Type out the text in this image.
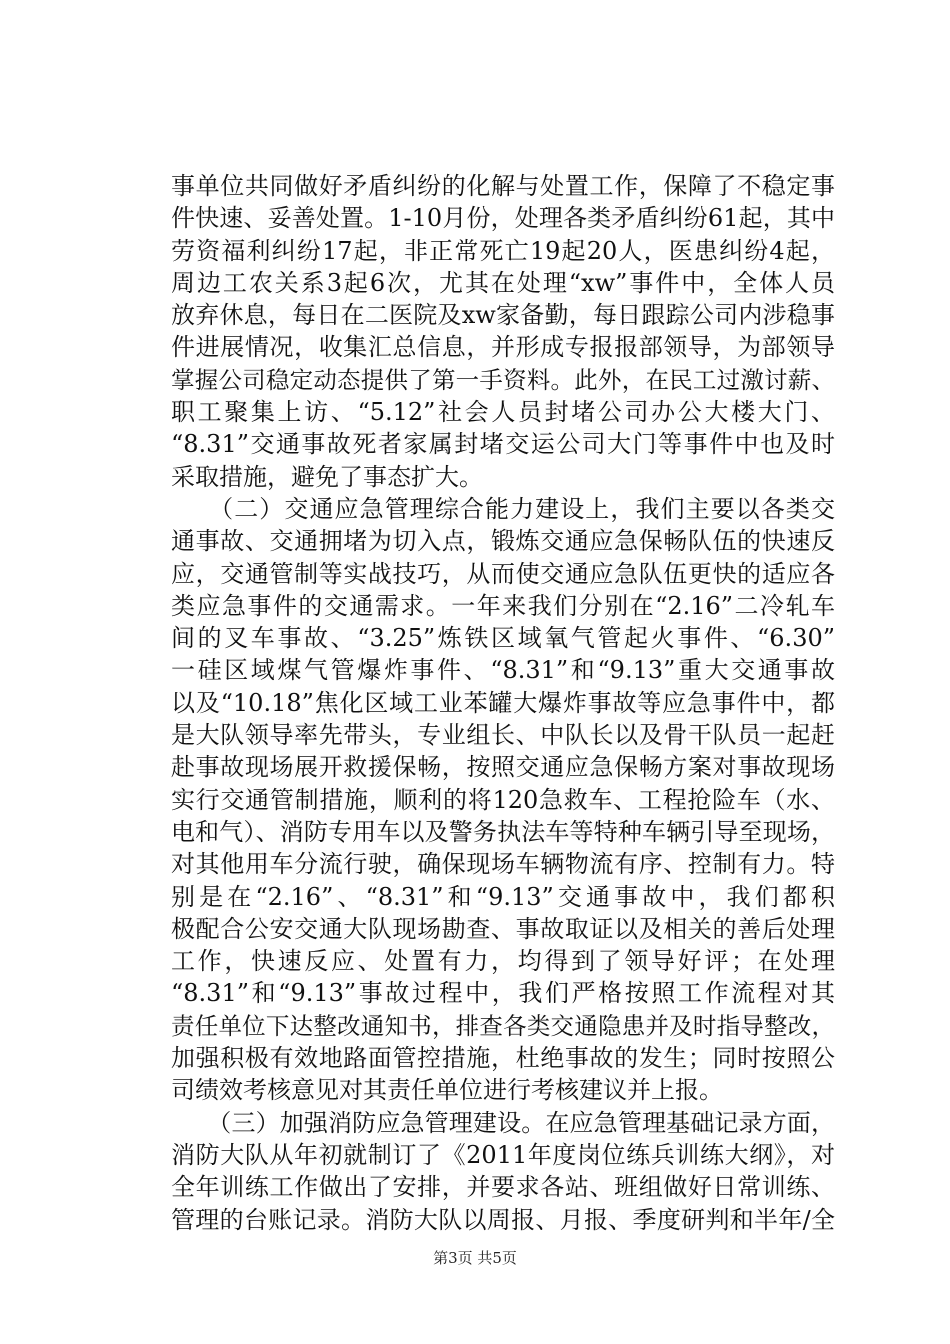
事单位共同做好矛盾纠纷的化解与处置工作，保障了不稳定事
件快速、妥善处置。1-10月份，处理各类矛盾纠纷61起，其中
劳资福利纠纷17起，非正常死亡19起20人，医患纠纷4起，
周边工农关系3起6次，尤其在处理“xw”事件中，全体人员
放弃休息，每日在二医院及xw家备勤，每日跟踪公司内涉稳事
件进展情况，收集汇总信息，并形成专报报部领导，为部领导
掌握公司稳定动态提供了第一手资料。此外，在民工过激讨薪、
职工聚集上访、“5.12”社会人员封堵公司办公大楼大门、
“8.31”交通事故死者家属封堵交运公司大门等事件中也及时
采取措施，避免了事态扩大。
　　（二）交通应急管理综合能力建设上，我们主要以各类交
通事故、交通拥堵为切入点，锻炼交通应急保畅队伍的快速反
应，交通管制等实战技巧，从而使交通应急队伍更快的适应各
类应急事件的交通需求。一年来我们分别在“2.16”二冷轧车
间的叉车事故、“3.25”炼铁区域氧气管起火事件、“6.30”
一硅区域煤气管爆炸事件、“8.31”和“9.13”重大交通事故
以及“10.18”焦化区域工业苯罐大爆炸事故等应急事件中，都
是大队领导率先带头，专业组长、中队长以及骨干队员一起赶
赴事故现场展开救援保畅，按照交通应急保畅方案对事故现场
实行交通管制措施，顺利的将120急救车、工程抢险车（水、
电和气）、消防专用车以及警务执法车等特种车辆引导至现场，
对其他用车分流行驶，确保现场车辆物流有序、控制有力。特
别是在“2.16”、“8.31”和“9.13”交通事故中，我们都积
极配合公安交通大队现场勘查、事故取证以及相关的善后处理
工作，快速反应、处置有力，均得到了领导好评；在处理
“8.31”和“9.13”事故过程中，我们严格按照工作流程对其
责任单位下达整改通知书，排查各类交通隐患并及时指导整改，
加强积极有效地路面管控措施，杜绝事故的发生；同时按照公
司绩效考核意见对其责任单位进行考核建议并上报。
　　（三）加强消防应急管理建设。在应急管理基础记录方面，
消防大队从年初就制订了《2011年度岗位练兵训练大纲》，对
全年训练工作做出了安排，并要求各站、班组做好日常训练、
管理的台账记录。消防大队以周报、月报、季度研判和半年/全
第3页 共5页
